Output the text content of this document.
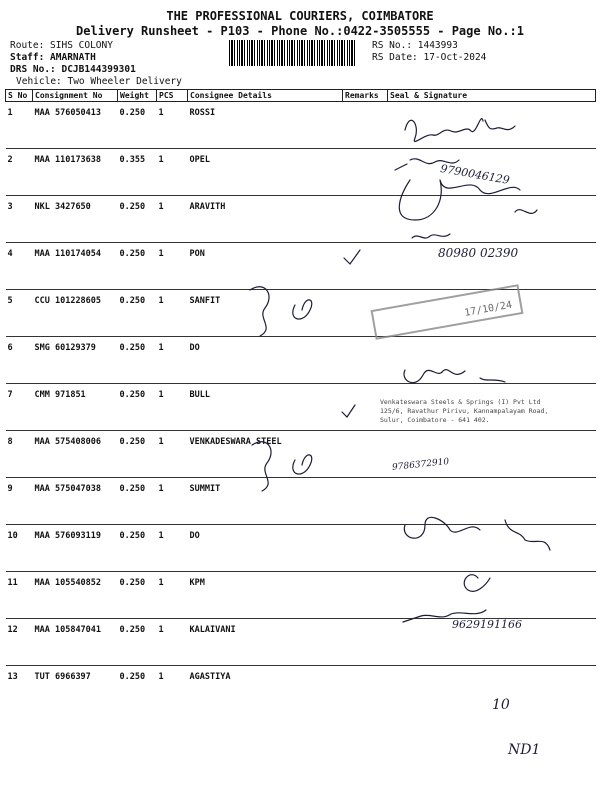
THE PROFESSIONAL COURIERS, COIMBATORE
Delivery Runsheet - P103 - Phone No.:0422-3505555 - Page No.:1
Route: SIHS COLONY
Staff: AMARNATH
DRS No.: DCJB144399301
Vehicle: Two Wheeler Delivery
RS No.: 1443993
RS Date: 17-Oct-2024
S No	Consignment No	Weight	PCS	Consignee Details	Remarks	Seal & Signature
1	MAA 576050413	0.250	1	ROSSI		
2	MAA 110173638	0.355	1	OPEL		
3	NKL 3427650	0.250	1	ARAVITH		
4	MAA 110174054	0.250	1	PON		
5	CCU 101228605	0.250	1	SANFIT		
6	SMG 60129379	0.250	1	DO		
7	CMM 971851	0.250	1	BULL		
8	MAA 575408006	0.250	1	VENKADESWARA STEEL		
9	MAA 575047038	0.250	1	SUMMIT		
10	MAA 576093119	0.250	1	DO		
11	MAA 105540852	0.250	1	KPM		
12	MAA 105847041	0.250	1	KALAIVANI		
13	TUT 6966397	0.250	1	AGASTIYA		
9790046129
80980 02390
17/10/24
Venkateswara Steels & Springs (I) Pvt Ltd
125/6, Ravathur Pirivu, Kannampalayam Road,
Sulur, Coimbatore - 641 402.
9786372910
9629191166
10
ND1
